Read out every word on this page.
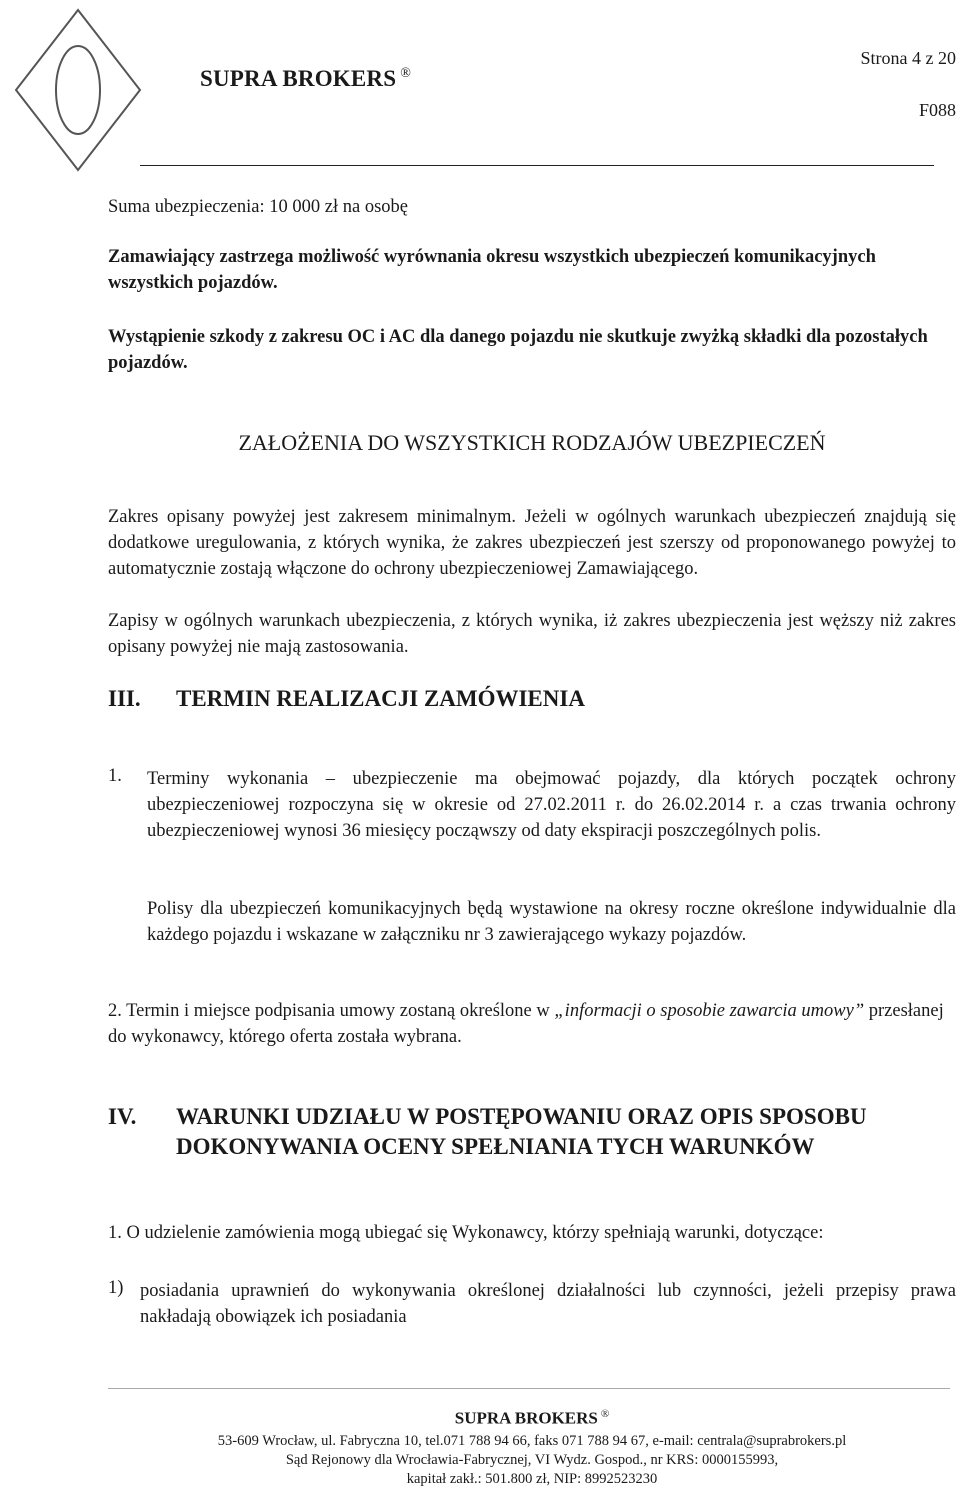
SUPRA BROKERS ®
Strona 4 z 20
F088
Suma ubezpieczenia: 10 000 zł na osobę
Zamawiający zastrzega możliwość wyrównania okresu wszystkich ubezpieczeń komunikacyjnych wszystkich pojazdów.
Wystąpienie szkody z zakresu OC i AC dla danego pojazdu nie skutkuje zwyżką składki dla pozostałych pojazdów.
ZAŁOŻENIA DO WSZYSTKICH RODZAJÓW UBEZPIECZEŃ
Zakres opisany powyżej jest zakresem minimalnym. Jeżeli w ogólnych warunkach ubezpieczeń znajdują się dodatkowe uregulowania, z których wynika, że zakres ubezpieczeń jest szerszy od proponowanego powyżej to automatycznie zostają włączone do ochrony ubezpieczeniowej Zamawiającego.
Zapisy w ogólnych warunkach ubezpieczenia, z których wynika, iż zakres ubezpieczenia jest węższy niż zakres opisany powyżej nie mają zastosowania.
III. TERMIN REALIZACJI ZAMÓWIENIA
1. Terminy wykonania – ubezpieczenie ma obejmować pojazdy, dla których początek ochrony ubezpieczeniowej rozpoczyna się w okresie od 27.02.2011 r. do 26.02.2014 r. a czas trwania ochrony ubezpieczeniowej wynosi 36 miesięcy począwszy od daty ekspiracji poszczególnych polis.
Polisy dla ubezpieczeń komunikacyjnych będą wystawione na okresy roczne określone indywidualnie dla każdego pojazdu i wskazane w załączniku nr 3 zawierającego wykazy pojazdów.
2. Termin i miejsce podpisania umowy zostaną określone w „informacji o sposobie zawarcia umowy” przesłanej do wykonawcy, którego oferta została wybrana.
IV. WARUNKI UDZIAŁU W POSTĘPOWANIU ORAZ OPIS SPOSOBU DOKONYWANIA OCENY SPEŁNIANIA TYCH WARUNKÓW
1. O udzielenie zamówienia mogą ubiegać się Wykonawcy, którzy spełniają warunki, dotyczące:
1) posiadania uprawnień do wykonywania określonej działalności lub czynności, jeżeli przepisy prawa nakładają obowiązek ich posiadania
SUPRA BROKERS ®
53-609 Wrocław, ul. Fabryczna 10, tel.071 788 94 66, faks 071 788 94 67, e-mail: centrala@suprabrokers.pl
Sąd Rejonowy dla Wrocławia-Fabrycznej, VI Wydz. Gospod., nr KRS: 0000155993,
kapitał zakł.: 501.800 zł, NIP: 8992523230
